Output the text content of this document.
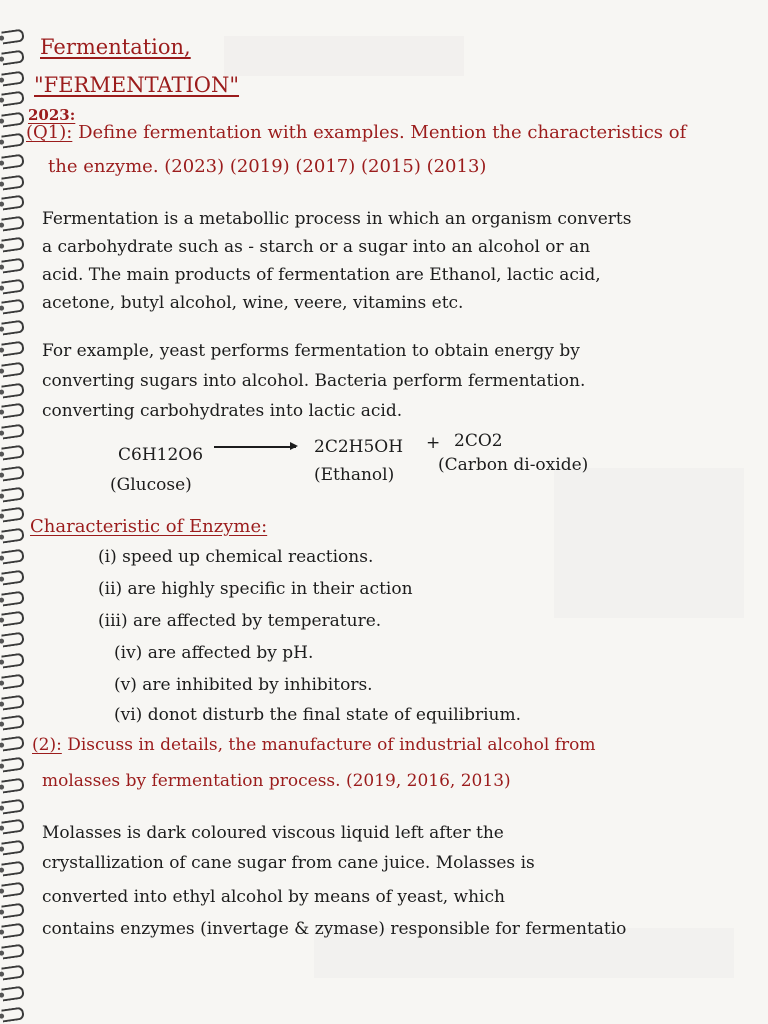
Fermentation,
"FERMENTATION"
2023:
(Q1): Define fermentation with examples. Mention the characteristics of
the enzyme. (2023) (2019) (2017) (2015) (2013)
Fermentation is a metabollic process in which an organism converts
a carbohydrate such as - starch or a sugar into an alcohol or an
acid. The main products of fermentation are Ethanol, lactic acid,
acetone, butyl alcohol, wine, veere, vitamins etc.
For example, yeast performs fermentation to obtain energy by
converting sugars into alcohol. Bacteria perform fermentation.
converting carbohydrates into lactic acid.
C6H12O6	2C2H5OH + 2CO2
(Glucose)	(Ethanol)	(Carbon di-oxide)
Characteristic of Enzyme:
(i) speed up chemical reactions.
(ii) are highly specific in their action
(iii) are affected by temperature.
(iv) are affected by pH.
(v) are inhibited by inhibitors.
(vi) donot disturb the final state of equilibrium.
(2): Discuss in details, the manufacture of industrial alcohol from
molasses by fermentation process. (2019, 2016, 2013)
Molasses is dark coloured viscous liquid left after the
crystallization of cane sugar from cane juice. Molasses is
converted into ethyl alcohol by means of yeast, which
contains enzymes (invertage & zymase) responsible for fermentatio
